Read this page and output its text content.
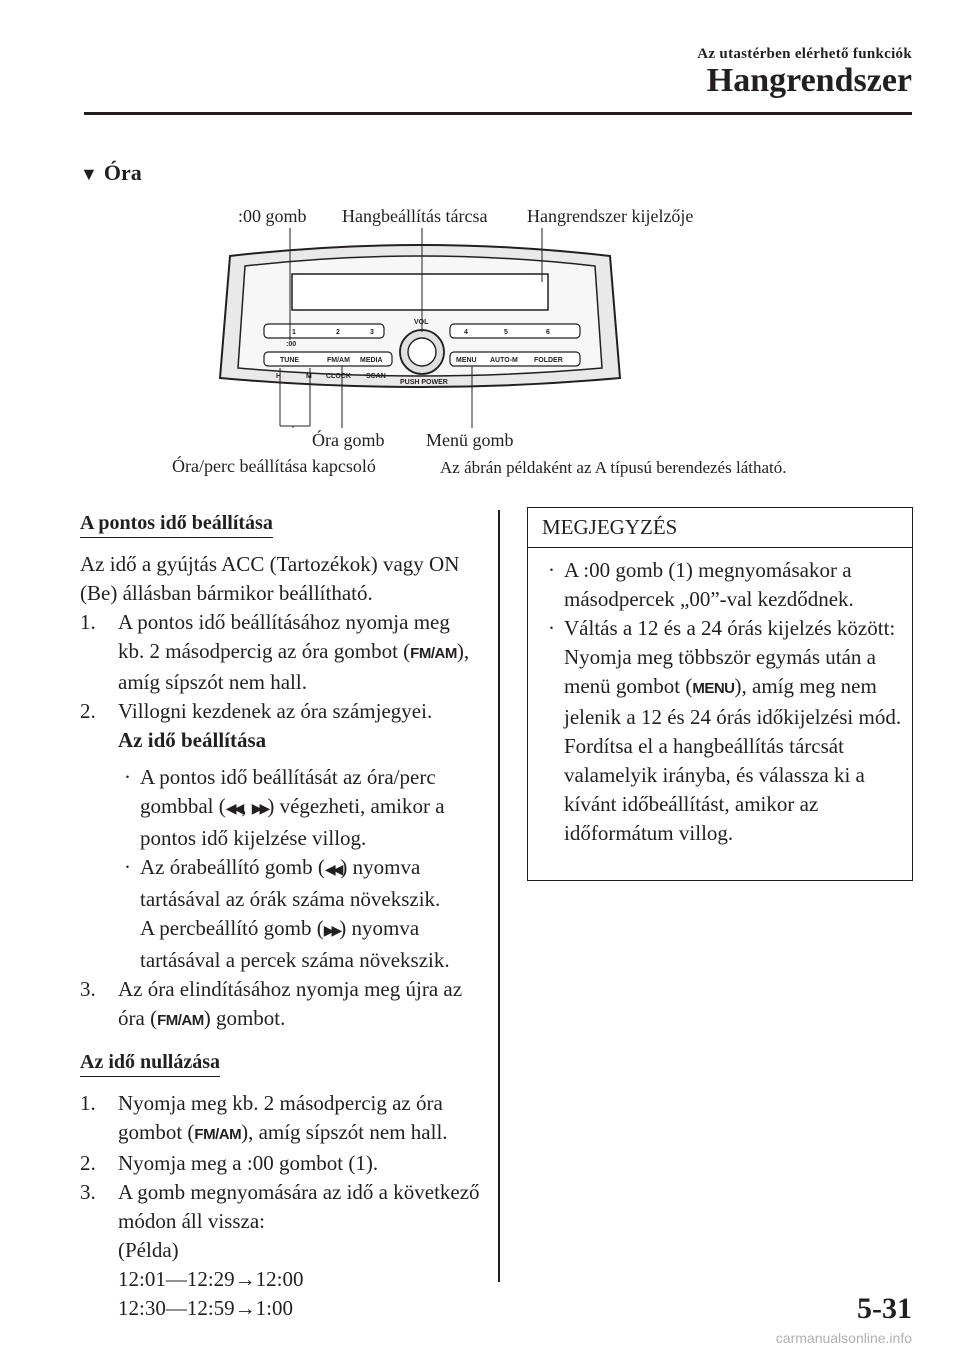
Az utastérben elérhető funkciók
Hangrendszer
▼ Óra
:00 gomb Hangbeállítás tárcsa Hangrendszer kijelzője
1	2	3	4	5	6
:00
VOL
TUNE	FM/AM MEDIA
H	M CLOCK SCAN
PUSH POWER
MENU AUTO-M FOLDER
Óra gomb Menü gomb
Óra/perc beállítása kapcsoló	Az ábrán példaként az A típusú berendezés látható.
A pontos idő beállítása
Az idő a gyújtás ACC (Tartozékok) vagy ON (Be) állásban bármikor beállítható.
1. A pontos idő beállításához nyomja meg kb. 2 másodpercig az óra gombot (FM/AM), amíg sípszót nem hall.
2. Villogni kezdenek az óra számjegyei.
Az idő beállítása
· A pontos idő beállítását az óra/perc gombbal (◀◀, ▶▶) végezheti, amikor a pontos idő kijelzése villog.
· Az órabeállító gomb (◀◀) nyomva tartásával az órák száma növekszik.
A percbeállító gomb (▶▶) nyomva tartásával a percek száma növekszik.
3. Az óra elindításához nyomja meg újra az óra (FM/AM) gombot.
Az idő nullázása
1. Nyomja meg kb. 2 másodpercig az óra gombot (FM/AM), amíg sípszót nem hall.
2. Nyomja meg a :00 gombot (1).
3. A gomb megnyomására az idő a következő módon áll vissza:
(Példa)
12:01―12:29→12:00
12:30―12:59→1:00
MEGJEGYZÉS
· A :00 gomb (1) megnyomásakor a másodpercek „00”-val kezdődnek.
· Váltás a 12 és a 24 órás kijelzés között:
Nyomja meg többször egymás után a menü gombot (MENU), amíg meg nem jelenik a 12 és 24 órás időkijelzési mód. Fordítsa el a hangbeállítás tárcsát valamelyik irányba, és válassza ki a kívánt időbeállítást, amikor az időformátum villog.
5-31
carmanualsonline.info
